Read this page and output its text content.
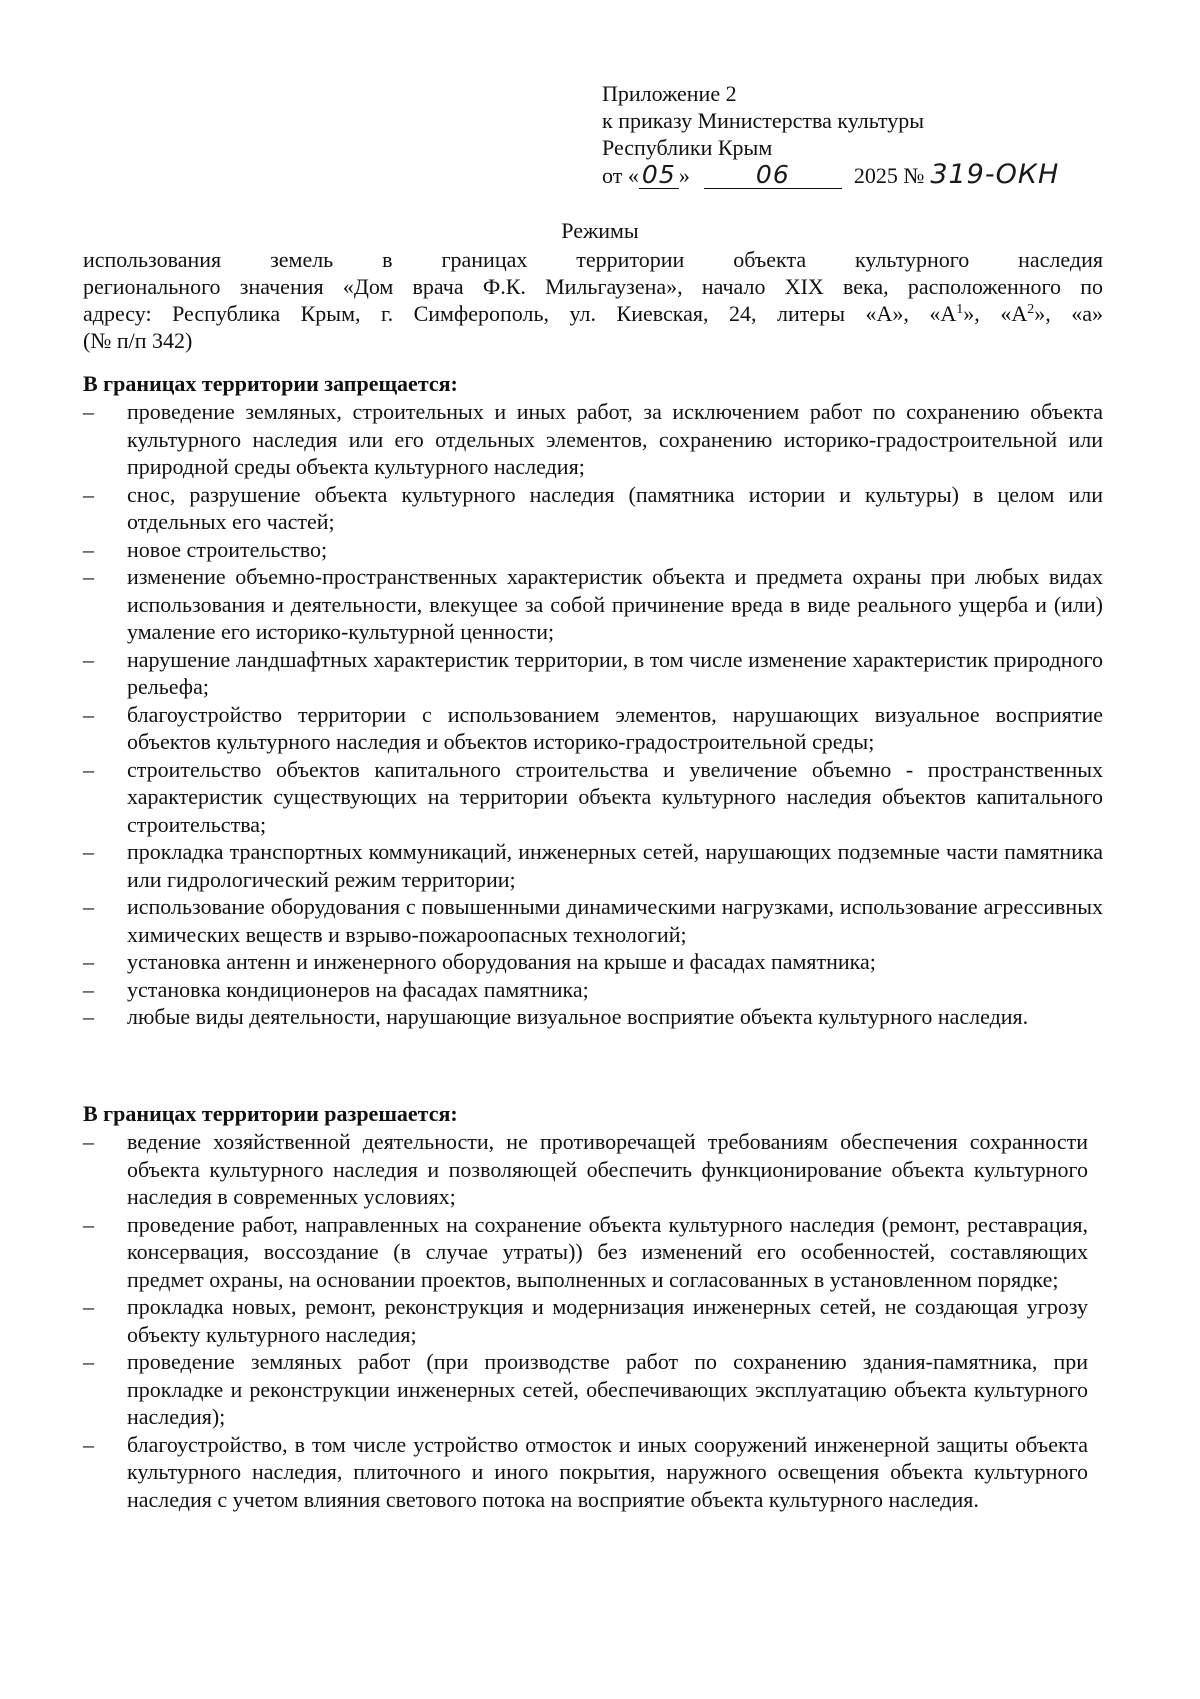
Приложение 2
к приказу Министерства культуры
Республики Крым
от « 05 »	06	2025 № 319-ОКН
Режимы
использования земель в границах территории объекта культурного наследия
регионального значения «Дом врача Ф.К. Мильгаузена», начало XIX века, расположенного по
адресу: Республика Крым, г. Симферополь, ул. Киевская, 24, литеры «А», «$А^1$», «$А^2$», «а»
(№ п/п 342)
В границах территории запрещается:
–	проведение земляных, строительных и иных работ, за исключением работ по сохранению объекта культурного наследия или его отдельных элементов, сохранению историко-градостроительной или природной среды объекта культурного наследия;
–	снос, разрушение объекта культурного наследия (памятника истории и культуры) в целом или отдельных его частей;
–	новое строительство;
–	изменение объемно-пространственных характеристик объекта и предмета охраны при любых видах использования и деятельности, влекущее за собой причинение вреда в виде реального ущерба и (или) умаление его историко-культурной ценности;
–	нарушение ландшафтных характеристик территории, в том числе изменение характеристик природного рельефа;
–	благоустройство территории с использованием элементов, нарушающих визуальное восприятие объектов культурного наследия и объектов историко-градостроительной среды;
–	строительство объектов капитального строительства и увеличение объемно - пространственных характеристик существующих на территории объекта культурного наследия объектов капитального строительства;
–	прокладка транспортных коммуникаций, инженерных сетей, нарушающих подземные части памятника или гидрологический режим территории;
–	использование оборудования с повышенными динамическими нагрузками, использование агрессивных химических веществ и взрыво-пожароопасных технологий;
–	установка антенн и инженерного оборудования на крыше и фасадах памятника;
–	установка кондиционеров на фасадах памятника;
–	любые виды деятельности, нарушающие визуальное восприятие объекта культурного наследия.
В границах территории разрешается:
–	ведение хозяйственной деятельности, не противоречащей требованиям обеспечения сохранности объекта культурного наследия и позволяющей обеспечить функционирование объекта культурного наследия в современных условиях;
–	проведение работ, направленных на сохранение объекта культурного наследия (ремонт, реставрация, консервация, воссоздание (в случае утраты)) без изменений его особенностей, составляющих предмет охраны, на основании проектов, выполненных и согласованных в установленном порядке;
–	прокладка новых, ремонт, реконструкция и модернизация инженерных сетей, не создающая угрозу объекту культурного наследия;
–	проведение земляных работ (при производстве работ по сохранению здания-памятника, при прокладке и реконструкции инженерных сетей, обеспечивающих эксплуатацию объекта культурного наследия);
–	благоустройство, в том числе устройство отмосток и иных сооружений инженерной защиты объекта культурного наследия, плиточного и иного покрытия, наружного освещения объекта культурного наследия с учетом влияния светового потока на восприятие объекта культурного наследия.
